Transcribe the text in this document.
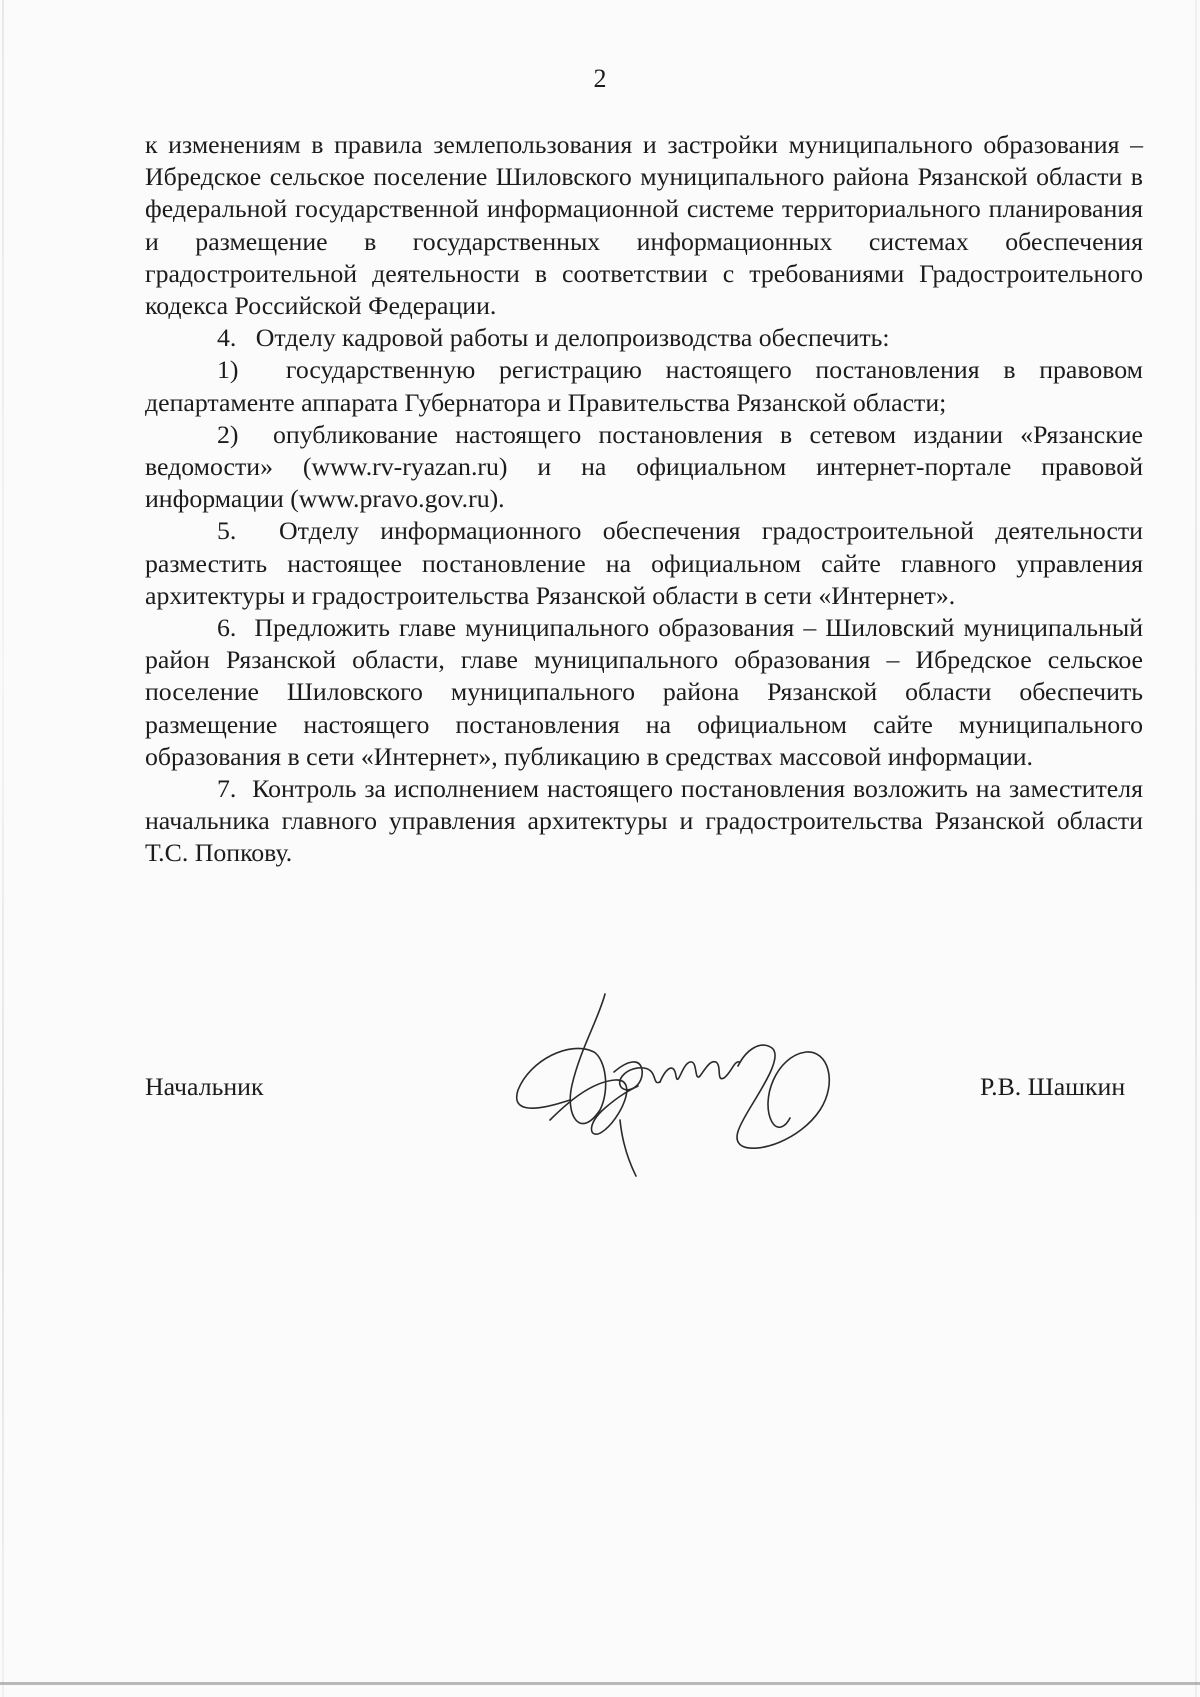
2

к изменениям в правила землепользования и застройки муниципального образования – Ибредское сельское поселение Шиловского муниципального района Рязанской области в федеральной государственной информационной системе территориального планирования и размещение в государственных информационных системах обеспечения градостроительной деятельности в соответствии с требованиями Градостроительного кодекса Российской Федерации.

4.   Отделу кадровой работы и делопроизводства обеспечить:

1)  государственную регистрацию настоящего постановления в правовом департаменте аппарата Губернатора и Правительства Рязанской области;

2)  опубликование настоящего постановления в сетевом издании «Рязанские ведомости» (www.rv-ryazan.ru) и на официальном интернет-портале правовой информации (www.pravo.gov.ru).

5.  Отделу информационного обеспечения градостроительной деятельности разместить настоящее постановление на официальном сайте главного управления архитектуры и градостроительства Рязанской области в сети «Интернет».

6.  Предложить главе муниципального образования – Шиловский муниципальный район Рязанской области, главе муниципального образования – Ибредское сельское поселение Шиловского муниципального района Рязанской области обеспечить размещение настоящего постановления на официальном сайте муниципального образования в сети «Интернет», публикацию в средствах массовой информации.

7.  Контроль за исполнением настоящего постановления возложить на заместителя начальника главного управления архитектуры и градостроительства Рязанской области Т.С. Попкову.

Начальник	Р.В. Шашкин
